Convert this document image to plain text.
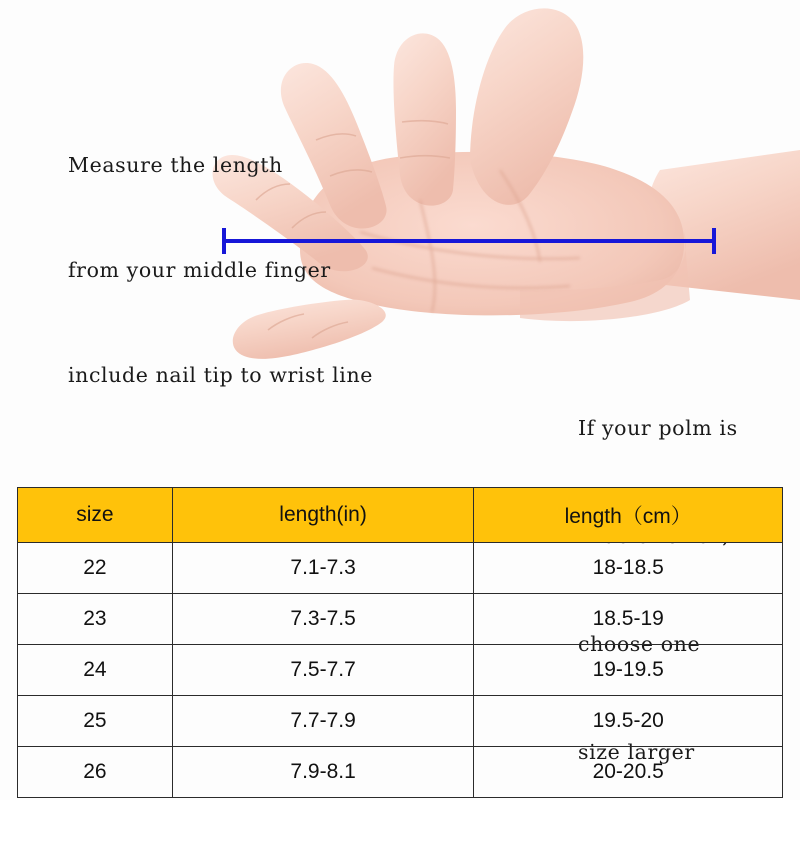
Measure the length

from your middle finger

include nail tip to wrist line

If your polm is

choose one

size larger

size	length(in)	length（cm）
22	7.1-7.3	18-18.5
23	7.3-7.5	18.5-19
24	7.5-7.7	19-19.5
25	7.7-7.9	19.5-20
26	7.9-8.1	20-20.5
